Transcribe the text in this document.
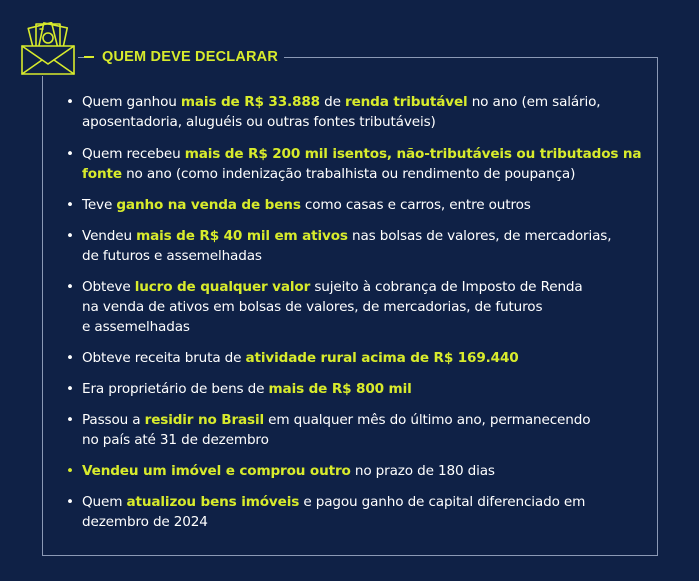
QUEM DEVE DECLARAR
• Quem ganhou mais de R$ 33.888 de renda tributável no ano (em salário,
aposentadoria, aluguéis ou outras fontes tributáveis)
• Quem recebeu mais de R$ 200 mil isentos, não-tributáveis ou tributados na
fonte no ano (como indenização trabalhista ou rendimento de poupança)
• Teve ganho na venda de bens como casas e carros, entre outros
• Vendeu mais de R$ 40 mil em ativos nas bolsas de valores, de mercadorias,
de futuros e assemelhadas
• Obteve lucro de qualquer valor sujeito à cobrança de Imposto de Renda
na venda de ativos em bolsas de valores, de mercadorias, de futuros
e assemelhadas
• Obteve receita bruta de atividade rural acima de R$ 169.440
• Era proprietário de bens de mais de R$ 800 mil
• Passou a residir no Brasil em qualquer mês do último ano, permanecendo
no país até 31 de dezembro
• Vendeu um imóvel e comprou outro no prazo de 180 dias
• Quem atualizou bens imóveis e pagou ganho de capital diferenciado em
dezembro de 2024
